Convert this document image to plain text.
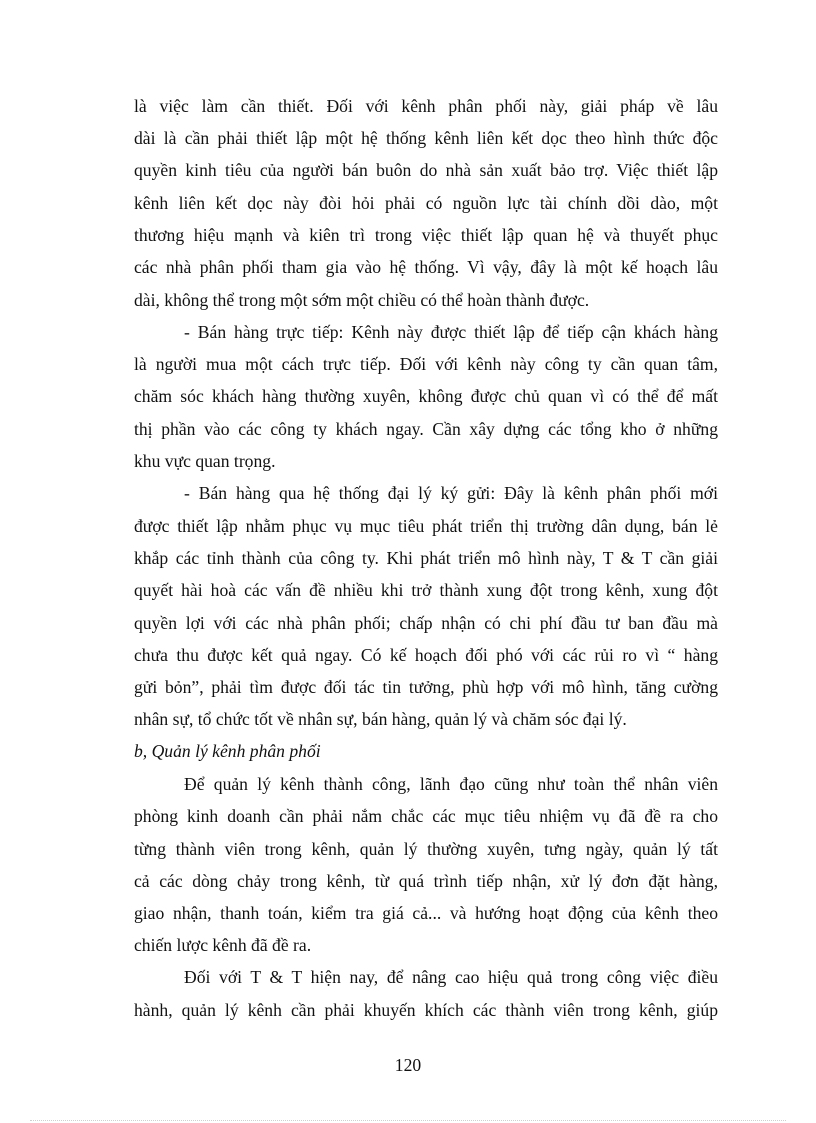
là việc làm cần thiết. Đối với kênh phân phối này, giải pháp về lâu
dài là cần phải thiết lập một hệ thống kênh liên kết dọc theo hình thức độc
quyền kinh tiêu của người bán buôn do nhà sản xuất bảo trợ. Việc thiết lập
kênh liên kết dọc này đòi hỏi phải có nguồn lực tài chính dồi dào, một
thương hiệu mạnh và kiên trì trong việc thiết lập quan hệ và thuyết phục
các nhà phân phối tham gia vào hệ thống. Vì vậy, đây là một kế hoạch lâu
dài, không thể trong một sớm một chiều có thể hoàn thành được.
- Bán hàng trực tiếp: Kênh này được thiết lập để tiếp cận khách hàng
là người mua một cách trực tiếp. Đối với kênh này công ty cần quan tâm,
chăm sóc khách hàng thường xuyên, không được chủ quan vì có thể để mất
thị phần vào các công ty khách ngay. Cần xây dựng các tổng kho ở những
khu vực quan trọng.
- Bán hàng qua hệ thống đại lý ký gửi: Đây là kênh phân phối mới
được thiết lập nhằm phục vụ mục tiêu phát triển thị trường dân dụng, bán lẻ
khắp các tỉnh thành của công ty. Khi phát triển mô hình này, T & T cần giải
quyết hài hoà các vấn đề nhiều khi trở thành xung đột trong kênh, xung đột
quyền lợi với các nhà phân phối; chấp nhận có chi phí đầu tư ban đầu mà
chưa thu được kết quả ngay. Có kế hoạch đối phó với các rủi ro vì “ hàng
gửi bỏn”, phải tìm được đối tác tin tưởng, phù hợp với mô hình, tăng cường
nhân sự, tổ chức tốt về nhân sự, bán hàng, quản lý và chăm sóc đại lý.
b, Quản lý kênh phân phối
Để quản lý kênh thành công, lãnh đạo cũng như toàn thể nhân viên
phòng kinh doanh cần phải nắm chắc các mục tiêu nhiệm vụ đã đề ra cho
từng thành viên trong kênh, quản lý thường xuyên, tưng ngày, quản lý tất
cả các dòng chảy trong kênh, từ quá trình tiếp nhận, xử lý đơn đặt hàng,
giao nhận, thanh toán, kiểm tra giá cả... và hướng hoạt động của kênh theo
chiến lược kênh đã đề ra.
Đối với T & T hiện nay, để nâng cao hiệu quả trong công việc điều
hành, quản lý kênh cần phải khuyến khích các thành viên trong kênh, giúp
120
